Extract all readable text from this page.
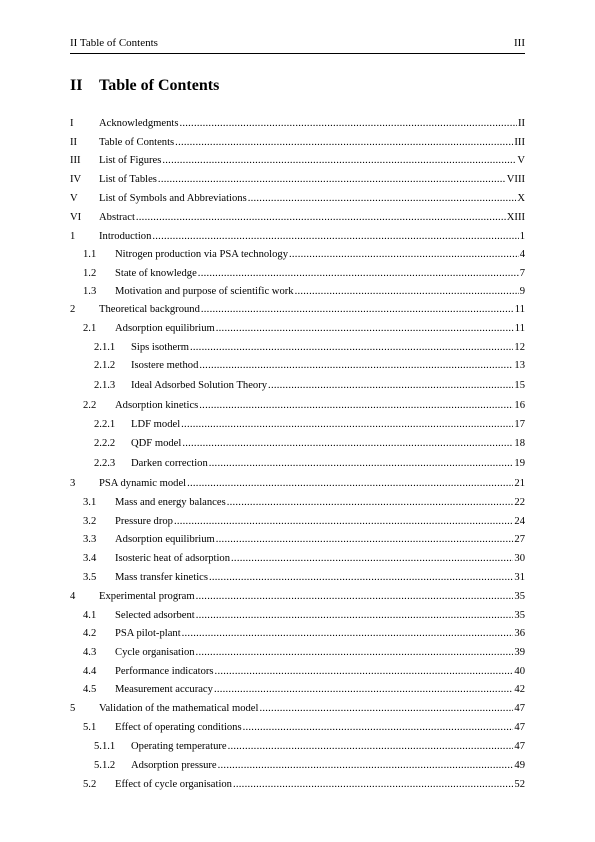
II Table of Contents	III
II Table of Contents
I	Acknowledgments . . .	II
II	Table of Contents . . .	III
III	List of Figures . . .	V
IV	List of Tables . . .	VIII
V	List of Symbols and Abbreviations . . .	X
VI	Abstract . . .	XIII
1	Introduction . . .	1
1.1	Nitrogen production via PSA technology . . .	4
1.2	State of knowledge . . .	7
1.3	Motivation and purpose of scientific work . . .	9
2	Theoretical background . . .	11
2.1	Adsorption equilibrium . . .	11
2.1.1	Sips isotherm . . .	12
2.1.2	Isostere method . . .	13
2.1.3	Ideal Adsorbed Solution Theory . . .	15
2.2	Adsorption kinetics . . .	16
2.2.1	LDF model . . .	17
2.2.2	QDF model . . .	18
2.2.3	Darken correction . . .	19
3	PSA dynamic model . . .	21
3.1	Mass and energy balances . . .	22
3.2	Pressure drop . . .	24
3.3	Adsorption equilibrium . . .	27
3.4	Isosteric heat of adsorption . . .	30
3.5	Mass transfer kinetics . . .	31
4	Experimental program . . .	35
4.1	Selected adsorbent . . .	35
4.2	PSA pilot-plant . . .	36
4.3	Cycle organisation . . .	39
4.4	Performance indicators . . .	40
4.5	Measurement accuracy . . .	42
5	Validation of the mathematical model . . .	47
5.1	Effect of operating conditions . . .	47
5.1.1	Operating temperature . . .	47
5.1.2	Adsorption pressure . . .	49
5.2	Effect of cycle organisation . . .	52
